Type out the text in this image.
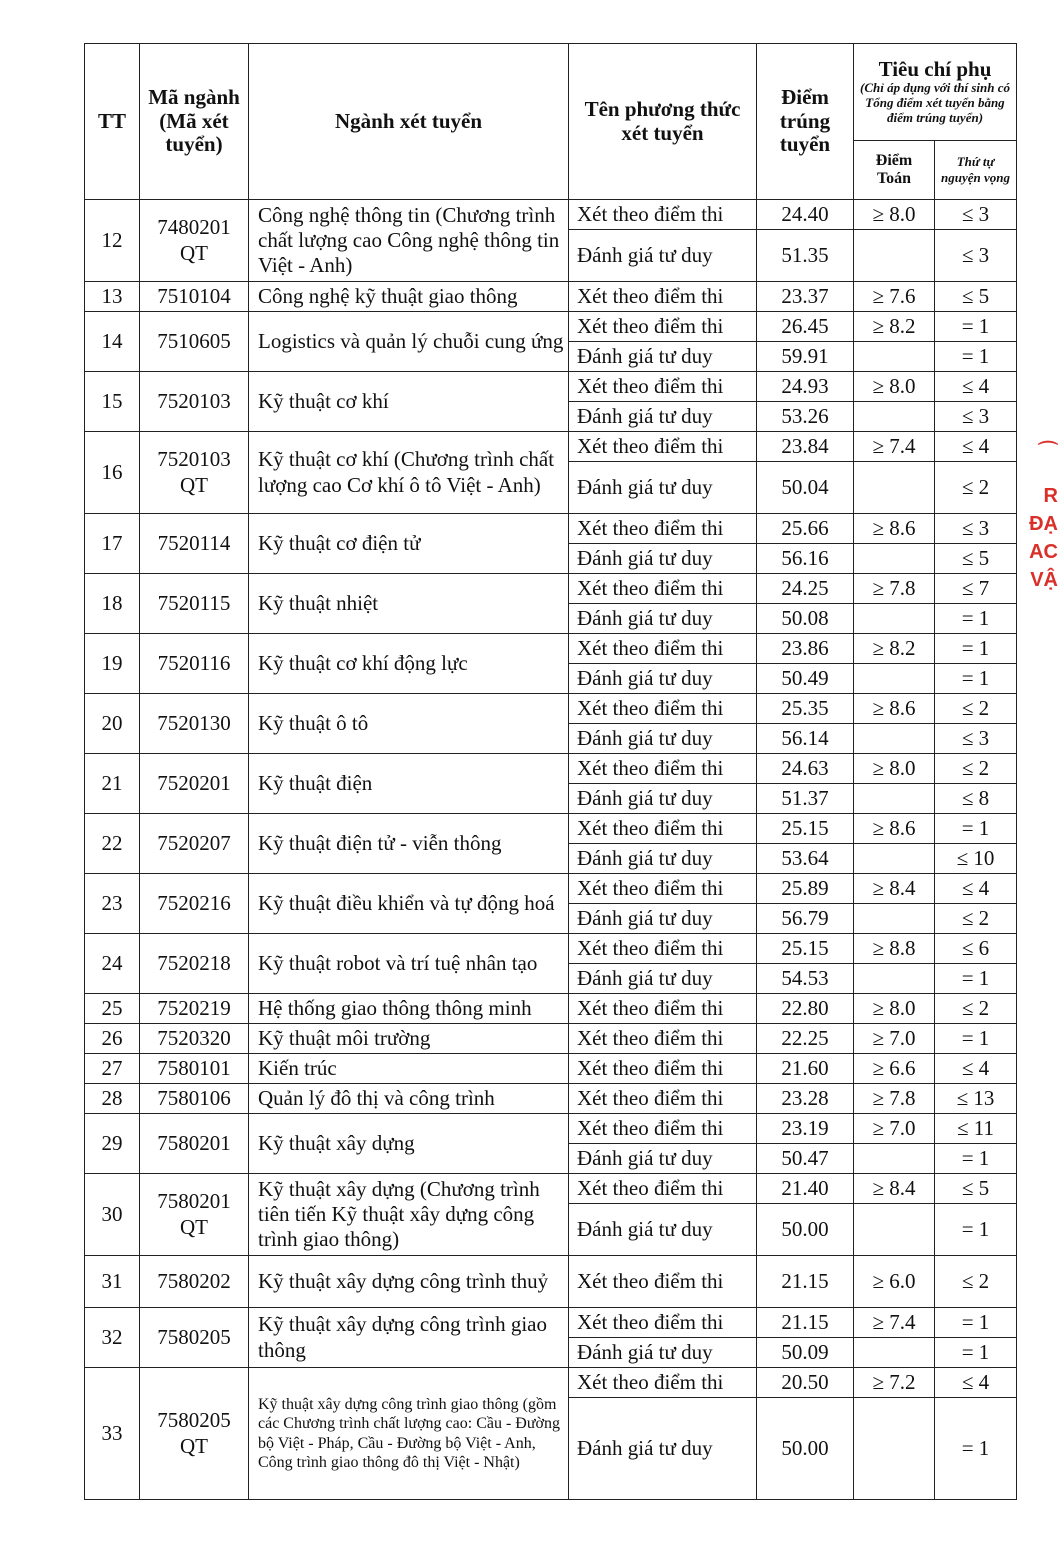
TT	Mã ngành (Mã xét tuyển)	Ngành xét tuyển	Tên phương thức xét tuyển	Điểm trúng tuyển	Tiêu chí phụ
(Chỉ áp dụng với thí sinh có Tổng điểm xét tuyển bằng điểm trúng tuyển)	

					Điểm Toán	Thứ tự nguyện vọng
12	7480201 QT	Công nghệ thông tin (Chương trình chất lượng cao Công nghệ thông tin Việt - Anh)	Xét theo điểm thi	24.40	≥ 8.0	≤ 3
			Đánh giá tư duy	51.35		≤ 3
13	7510104	Công nghệ kỹ thuật giao thông	Xét theo điểm thi	23.37	≥ 7.6	≤ 5
14	7510605	Logistics và quản lý chuỗi cung ứng	Xét theo điểm thi	26.45	≥ 8.2	= 1
			Đánh giá tư duy	59.91		= 1
15	7520103	Kỹ thuật cơ khí	Xét theo điểm thi	24.93	≥ 8.0	≤ 4
			Đánh giá tư duy	53.26		≤ 3
16	7520103 QT	Kỹ thuật cơ khí (Chương trình chất lượng cao Cơ khí ô tô Việt - Anh)	Xét theo điểm thi	23.84	≥ 7.4	≤ 4
			Đánh giá tư duy	50.04		≤ 2
17	7520114	Kỹ thuật cơ điện tử	Xét theo điểm thi	25.66	≥ 8.6	≤ 3
			Đánh giá tư duy	56.16		≤ 5
18	7520115	Kỹ thuật nhiệt	Xét theo điểm thi	24.25	≥ 7.8	≤ 7
			Đánh giá tư duy	50.08		= 1
19	7520116	Kỹ thuật cơ khí động lực	Xét theo điểm thi	23.86	≥ 8.2	= 1
			Đánh giá tư duy	50.49		= 1
20	7520130	Kỹ thuật ô tô	Xét theo điểm thi	25.35	≥ 8.6	≤ 2
			Đánh giá tư duy	56.14		≤ 3
21	7520201	Kỹ thuật điện	Xét theo điểm thi	24.63	≥ 8.0	≤ 2
			Đánh giá tư duy	51.37		≤ 8
22	7520207	Kỹ thuật điện tử - viễn thông	Xét theo điểm thi	25.15	≥ 8.6	= 1
			Đánh giá tư duy	53.64		≤ 10
23	7520216	Kỹ thuật điều khiển và tự động hoá	Xét theo điểm thi	25.89	≥ 8.4	≤ 4
			Đánh giá tư duy	56.79		≤ 2
24	7520218	Kỹ thuật robot và trí tuệ nhân tạo	Xét theo điểm thi	25.15	≥ 8.8	≤ 6
			Đánh giá tư duy	54.53		= 1
25	7520219	Hệ thống giao thông thông minh	Xét theo điểm thi	22.80	≥ 8.0	≤ 2
26	7520320	Kỹ thuật môi trường	Xét theo điểm thi	22.25	≥ 7.0	= 1
27	7580101	Kiến trúc	Xét theo điểm thi	21.60	≥ 6.6	≤ 4
28	7580106	Quản lý đô thị và công trình	Xét theo điểm thi	23.28	≥ 7.8	≤ 13
29	7580201	Kỹ thuật xây dựng	Xét theo điểm thi	23.19	≥ 7.0	≤ 11
			Đánh giá tư duy	50.47		= 1
30	7580201 QT	Kỹ thuật xây dựng (Chương trình tiên tiến Kỹ thuật xây dựng công trình giao thông)	Xét theo điểm thi	21.40	≥ 8.4	≤ 5
			Đánh giá tư duy	50.00		= 1
31	7580202	Kỹ thuật xây dựng công trình thuỷ	Xét theo điểm thi	21.15	≥ 6.0	≤ 2
32	7580205	Kỹ thuật xây dựng công trình giao thông	Xét theo điểm thi	21.15	≥ 7.4	= 1
			Đánh giá tư duy	50.09		= 1
33	7580205 QT	Kỹ thuật xây dựng công trình giao thông (gồm các Chương trình chất lượng cao: Cầu - Đường bộ Việt - Pháp, Cầu - Đường bộ Việt - Anh, Công trình giao thông đô thị Việt - Nhật)	Xét theo điểm thi	20.50	≥ 7.2	≤ 4
			Đánh giá tư duy	50.00		= 1
⌒
R
ĐẠ
AC
VẬ
